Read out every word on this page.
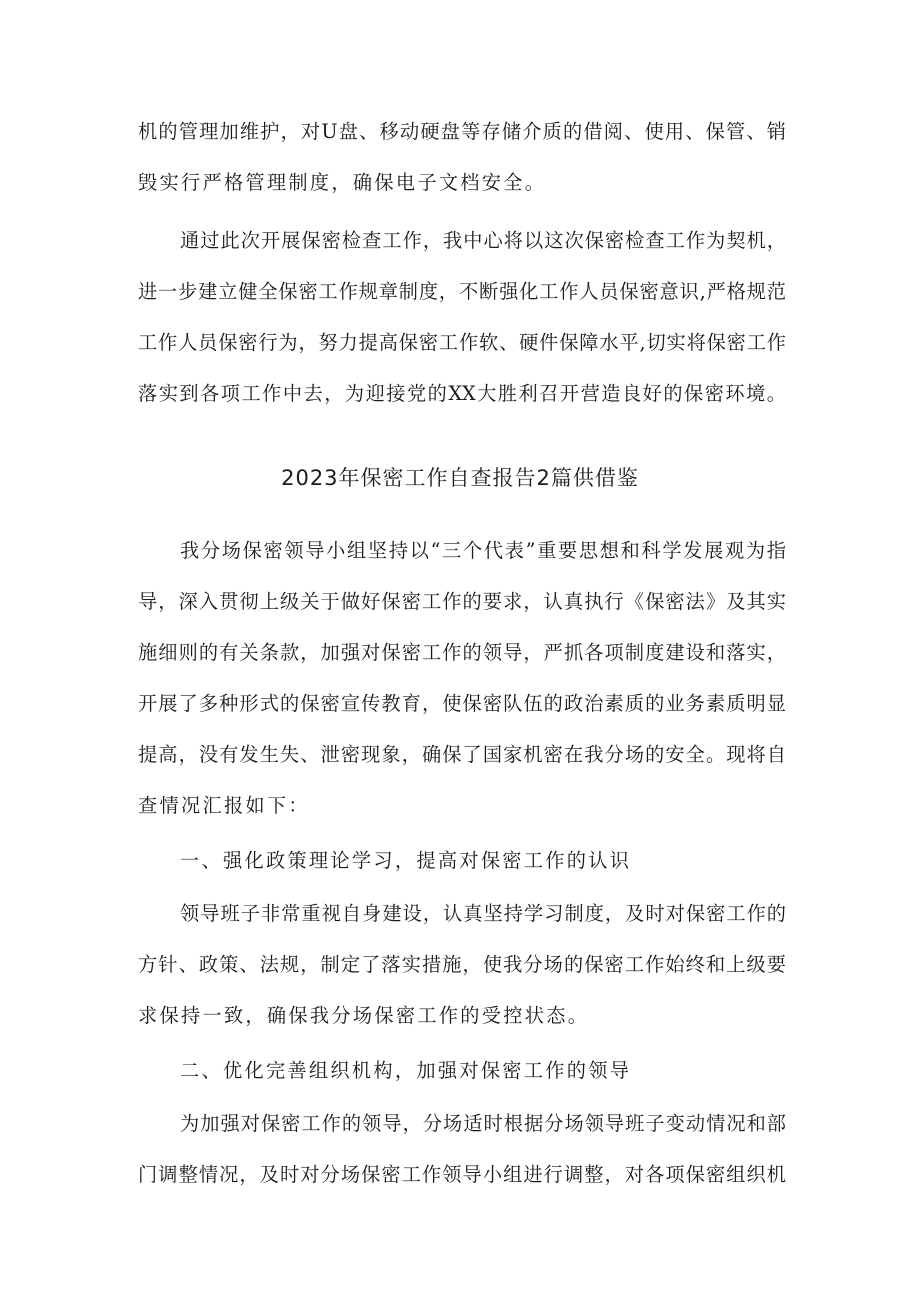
机的管理加维护，对U盘、移动硬盘等存储介质的借阅、使用、保管、销
毁实行严格管理制度，确保电子文档安全。
通过此次开展保密检查工作，我中心将以这次保密检查工作为契机，
进一步建立健全保密工作规章制度，不断强化工作人员保密意识,严格规范
工作人员保密行为，努力提高保密工作软、硬件保障水平,切实将保密工作
落实到各项工作中去，为迎接党的XX大胜利召开营造良好的保密环境。
2023年保密工作自查报告2篇供借鉴
我分场保密领导小组坚持以“三个代表”重要思想和科学发展观为指
导，深入贯彻上级关于做好保密工作的要求，认真执行《保密法》及其实
施细则的有关条款，加强对保密工作的领导，严抓各项制度建设和落实，
开展了多种形式的保密宣传教育，使保密队伍的政治素质的业务素质明显
提高，没有发生失、泄密现象，确保了国家机密在我分场的安全。现将自
查情况汇报如下：
一、强化政策理论学习，提高对保密工作的认识
领导班子非常重视自身建设，认真坚持学习制度，及时对保密工作的
方针、政策、法规，制定了落实措施，使我分场的保密工作始终和上级要
求保持一致，确保我分场保密工作的受控状态。
二、优化完善组织机构，加强对保密工作的领导
为加强对保密工作的领导，分场适时根据分场领导班子变动情况和部
门调整情况，及时对分场保密工作领导小组进行调整，对各项保密组织机
